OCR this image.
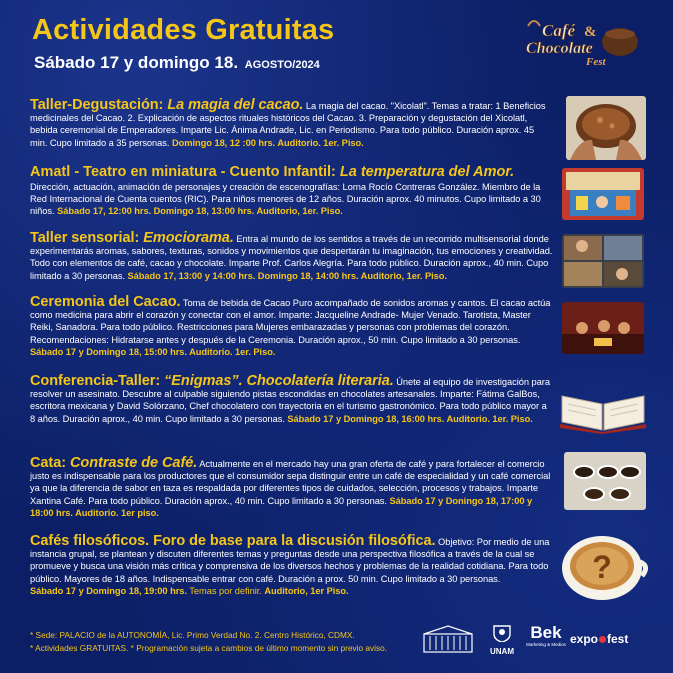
Actividades Gratuitas
Sábado 17 y domingo 18. AGOSTO/2024
Café &
Chocolate
Fest
Taller-Degustación: La magia del cacao. La magia del cacao. "Xicolatl". Temas a tratar: 1 Beneficios medicinales del Cacao. 2. Explicación de aspectos rituales históricos del Cacao. 3. Preparación y degustación del Xicolatl, bebida ceremonial de Emperadores. Imparte Lic. Ánima Andrade, Lic. en Periodismo. Para todo público. Duración aprox. 45 min. Cupo limitado a 35 personas. Domingo 18, 12 :00 hrs. Auditorio. 1er. Piso.
Amatl - Teatro en miniatura - Cuento Infantil: La temperatura del Amor.
Dirección, actuación, animación de personajes y creación de escenografías: Lorna Rocío Contreras González. Miembro de la Red Internacional de Cuenta cuentos (RIC). Para niños menores de 12 años. Duración aprox. 40 minutos. Cupo limitado a 30 niños. Sábado 17, 12:00 hrs. Domingo 18, 13:00 hrs. Auditorio, 1er. Piso.
Taller sensorial: Emociorama. Entra al mundo de los sentidos a través de un recorrido multisensorial donde experimentarás aromas, sabores, texturas, sonidos y movimientos que despertarán tu imaginación, tus emociones y creatividad. Todo con elementos de café, cacao y chocolate. Imparte Prof. Carlos Alegría. Para todo público. Duración aprox., 40 min. Cupo limitado a 30 personas. Sábado 17, 13:00 y 14:00 hrs. Domingo 18, 14:00 hrs. Auditorio, 1er. Piso.
Ceremonia del Cacao. Toma de bebida de Cacao Puro acompañado de sonidos aromas y cantos. El cacao actúa como medicina para abrir el corazón y conectar con el amor. Imparte: Jacqueline Andrade- Mujer Venado. Tarotista, Master Reiki, Sanadora. Para todo público. Restricciones para Mujeres embarazadas y personas con problemas del corazón. Recomendaciones: Hidratarse antes y después de la Ceremonia. Duración aprox., 50 min. Cupo limitado a 30 personas. Sábado 17 y Domingo 18, 15:00 hrs. Auditorio. 1er. Piso.
Conferencia-Taller: “Enigmas”. Chocolatería literaria. Únete al equipo de investigación para resolver un asesinato. Descubre al culpable siguiendo pistas escondidas en chocolates artesanales. Imparte: Fátima GalBos, escritora mexicana y David Solórzano, Chef chocolatero con trayectoria en el turismo gastronómico. Para todo público mayor a 8 años. Duración aprox., 40 min. Cupo limitado a 30 personas. Sábado 17 y Domingo 18, 16:00 hrs. Auditorio. 1er. Piso.
Cata: Contraste de Café. Actualmente en el mercado hay una gran oferta de café y para fortalecer el comercio justo es indispensable para los productores que el consumidor sepa distinguir entre un café de especialidad y un café comercial ya que la diferencia de sabor en taza es respaldada por diferentes tipos de cuidados, selección, procesos y trabajos. Imparte Xantina Café. Para todo público. Duración aprox., 40 min. Cupo limitado a 30 personas. Sábado 17 y Doningo 18, 17:00 y 18:00 hrs. Auditorio. 1er piso.
Cafés filosóficos. Foro de base para la discusión filosófica. Objetivo: Por medio de una instancia grupal, se plantean y discuten diferentes temas y preguntas desde una perspectiva filosófica a través de la cual se promueve y busca una visión más crítica y comprensiva de los diversos hechos y problemas de la realidad cotidiana. Para todo público. Mayores de 18 años. Indispensable entrar con café. Duración a prox. 50 min. Cupo limitado a 30 personas.
Sábado 17 y Domingo 18, 19:00 hrs. Temas por definir. Auditorio, 1er Piso.
?
* Sede: PALACIO de la AUTONOMÍA, Lic. Primo Verdad No. 2. Centro Histórico, CDMX.
* Actividades GRATUITAS. * Programación sujeta a cambios de último momento sin previo aviso.	UNAM
Bek
Marketing & Medios expo fest
